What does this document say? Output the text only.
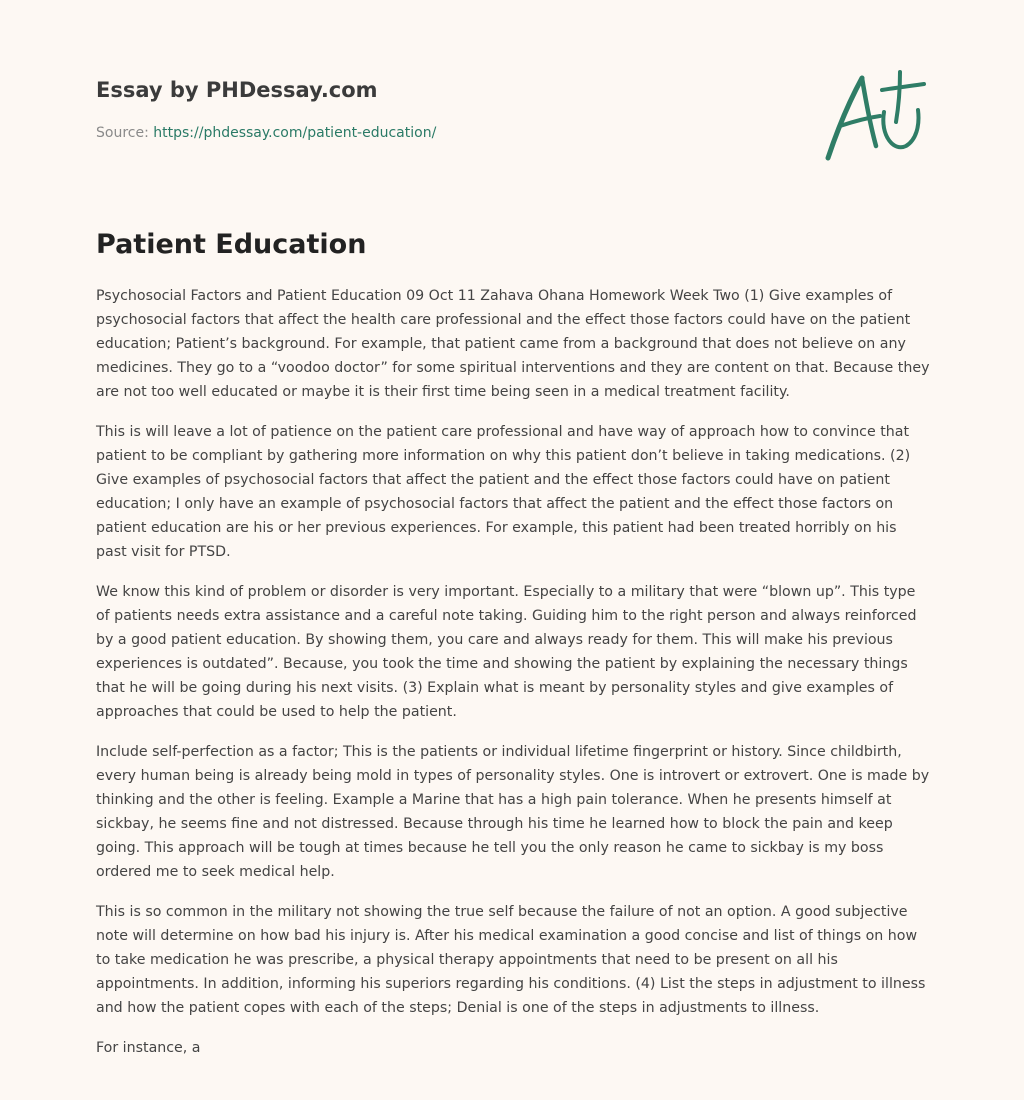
Essay by PHDessay.com
Source: https://phdessay.com/patient-education/
Patient Education

Psychosocial Factors and Patient Education 09 Oct 11 Zahava Ohana Homework Week Two (1) Give examples of psychosocial factors that affect the health care professional and the effect those factors could have on the patient education; Patient’s background. For example, that patient came from a background that does not believe on any medicines. They go to a “voodoo doctor” for some spiritual interventions and they are content on that. Because they are not too well educated or maybe it is their first time being seen in a medical treatment facility.

This is will leave a lot of patience on the patient care professional and have way of approach how to convince that patient to be compliant by gathering more information on why this patient don’t believe in taking medications. (2) Give examples of psychosocial factors that affect the patient and the effect those factors could have on patient education; I only have an example of psychosocial factors that affect the patient and the effect those factors on patient education are his or her previous experiences. For example, this patient had been treated horribly on his past visit for PTSD.

We know this kind of problem or disorder is very important. Especially to a military that were “blown up”. This type of patients needs extra assistance and a careful note taking. Guiding him to the right person and always reinforced by a good patient education. By showing them, you care and always ready for them. This will make his previous experiences is outdated”. Because, you took the time and showing the patient by explaining the necessary things that he will be going during his next visits. (3) Explain what is meant by personality styles and give examples of approaches that could be used to help the patient.

Include self-perfection as a factor; This is the patients or individual lifetime fingerprint or history. Since childbirth, every human being is already being mold in types of personality styles. One is introvert or extrovert. One is made by thinking and the other is feeling. Example a Marine that has a high pain tolerance. When he presents himself at sickbay, he seems fine and not distressed. Because through his time he learned how to block the pain and keep going. This approach will be tough at times because he tell you the only reason he came to sickbay is my boss ordered me to seek medical help.

This is so common in the military not showing the true self because the failure of not an option. A good subjective note will determine on how bad his injury is. After his medical examination a good concise and list of things on how to take medication he was prescribe, a physical therapy appointments that need to be present on all his appointments. In addition, informing his superiors regarding his conditions. (4) List the steps in adjustment to illness and how the patient copes with each of the steps; Denial is one of the steps in adjustments to illness.

For instance, a
